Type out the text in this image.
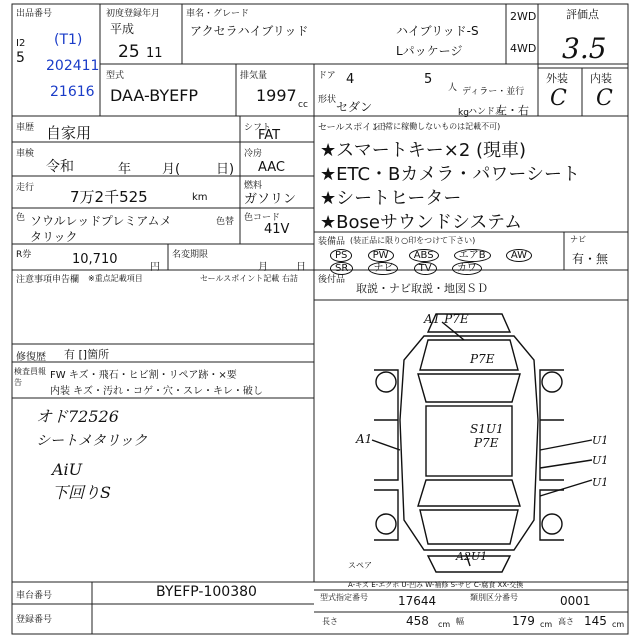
出品番号
I2
5
(T1)
202411
21616
初度登録年月
平成
25 11
車名・グレード
アクセラハイブリッド	ハイブリッド-S
Lパッケージ
2WD
4WD
評価点
3.5
外装 内装
C C
型式
DAA-BYEFP
排気量
1997 cc
ドア 4	5
人
形状 セダン
ディラー・並行
kg ハンドル
左・右
車歴 自家用	シフト
FAT
車検
令和	年 月(	日)
冷房
AAC
走行 7万2千525	km
燃料
ガソリン
色 ソウルレッドプレミアムメ
タリック
色替 色コード
41V
R券	10,710
円
名変期限
月	日
注意事項申告欄 ※重点記載項目	セールスポイント記載 右詰
修復歴 有 []箇所
検査員報告
FW キズ・飛石・ヒビ割・リペア跡・×要
内装 キズ・汚れ・コゲ・穴・スレ・キレ・破し
オド72526
シートメタリック
AiU
下回りS
セールスポイント
(正常に稼働しないものは記載不可)
★スマートキー×2 (現車)
★ETC・Bカメラ・パワーシート
★シートヒーター
★Boseサウンドシステム
装備品 (装正品に限り○印をつけて下さい)
PS	PW	ABS	エアB	AW
SR	ナビ	TV	カワ
ナビ
有・無
後付品
取説・ナビ取説・地図ＳＤ
A1 P7E
P7E
A1
S1U1
P7E	U1
U1
U1
A2U1
スペア
A-キズ E-エクボ U-凹み W-補修 S-サビ C-腐食 XX-交換
車台番号	BYEFP-100380
登録番号
型式指定番号	類別区分番号
17644	0001
長さ	458 cm 幅	179 cm 高さ 145 cm
